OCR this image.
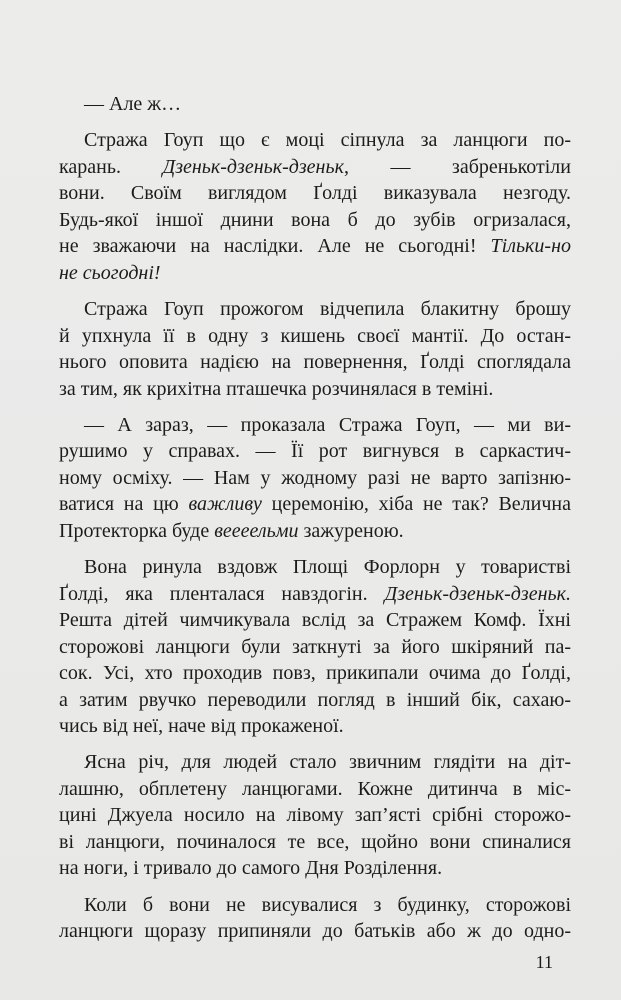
— Але ж…
Стража Гоуп що є моці сіпнула за ланцюги по-
карань. Дзеньк-дзеньк-дзеньк, — забренькотіли
вони. Своїм виглядом Ґолді виказувала незгоду.
Будь-якої іншої днини вона б до зубів огризалася,
не зважаючи на наслідки. Але не сьогодні! Тільки-но
не сьогодні!
Стража Гоуп прожогом відчепила блакитну брошу
й упхнула її в одну з кишень своєї мантії. До остан-
нього оповита надією на повернення, Ґолді споглядала
за тим, як крихітна пташечка розчинялася в темінi.
— А зараз, — проказала Стража Гоуп, — ми ви-
рушимо у справах. — Її рот вигнувся в саркастич-
ному осміху. — Нам у жодному разі не варто запізню-
ватися на цю важливу церемонію, хіба не так? Велична
Протекторка буде веееельми зажуреною.
Вона ринула вздовж Площі Форлорн у товаристві
Ґолді, яка плентaлася навздогін. Дзеньк-дзеньк-дзеньк.
Решта дітей чимчикувала вслід за Стражем Комф. Їхні
сторожові ланцюги були заткнуті за його шкіряний па-
сок. Усі, хто проходив повз, прикипали очима до Ґолді,
а затим рвучко переводили погляд в інший бік, сахаю-
чись від неї, наче від прокаженої.
Ясна річ, для людей стало звичним глядіти на діт-
лашню, обплетену ланцюгами. Кожне дитинча в міс-
цині Джуела носило на лівому зап’ясті срібні сторожо-
ві ланцюги, починалося те все, щойно вони спиналися
на ноги, і тривало до самого Дня Розділення.
Коли б вони не висувалися з будинку, сторожові
ланцюги щоразу припиняли до батьків або ж до одно-
11
